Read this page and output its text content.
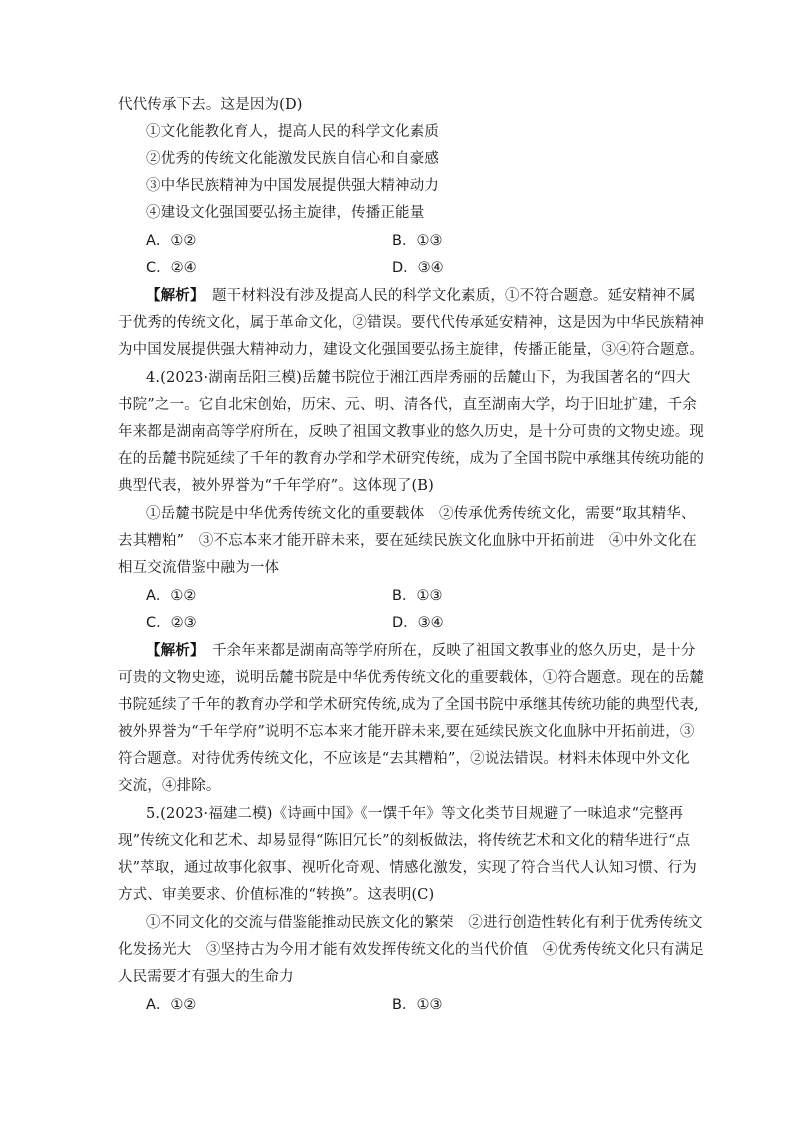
代代传承下去。这是因为(D)
①文化能教化育人，提高人民的科学文化素质
②优秀的传统文化能激发民族自信心和自豪感
③中华民族精神为中国发展提供强大精神动力
④建设文化强国要弘扬主旋律，传播正能量
A．①②	B．①③
C．②④	D．③④
【解析】　 题干材料没有涉及提高人民的科学文化素质，①不符合题意。延安精神不属
于优秀的传统文化，属于革命文化，②错误。要代代传承延安精神，这是因为中华民族精神
为中国发展提供强大精神动力，建设文化强国要弘扬主旋律，传播正能量，③④符合题意。
4.(2023·湖南岳阳三模)岳麓书院位于湘江西岸秀丽的岳麓山下，为我国著名的“四大
书院”之一。它自北宋创始，历宋、元、明、清各代，直至湖南大学，均于旧址扩建，千余
年来都是湖南高等学府所在，反映了祖国文教事业的悠久历史，是十分可贵的文物史迹。现
在的岳麓书院延续了千年的教育办学和学术研究传统，成为了全国书院中承继其传统功能的
典型代表，被外界誉为“千年学府”。这体现了(B)
①岳麓书院是中华优秀传统文化的重要载体　②传承优秀传统文化，需要“取其精华、
去其糟粕”　③不忘本来才能开辟未来，要在延续民族文化血脉中开拓前进　④中外文化在
相互交流借鉴中融为一体
A．①②	B．①③
C．②③	D．③④
【解析】　 千余年来都是湖南高等学府所在，反映了祖国文教事业的悠久历史，是十分
可贵的文物史迹，说明岳麓书院是中华优秀传统文化的重要载体，①符合题意。现在的岳麓
书院延续了千年的教育办学和学术研究传统,成为了全国书院中承继其传统功能的典型代表,
被外界誉为“千年学府”说明不忘本来才能开辟未来,要在延续民族文化血脉中开拓前进，③
符合题意。对待优秀传统文化，不应该是“去其糟粕”，②说法错误。材料未体现中外文化
交流，④排除。
5.(2023·福建二模)《诗画中国》《一馔千年》等文化类节目规避了一味追求“完整再
现”传统文化和艺术、却易显得“陈旧冗长”的刻板做法，将传统艺术和文化的精华进行“点
状”萃取，通过故事化叙事、视听化奇观、情感化激发，实现了符合当代人认知习惯、行为
方式、审美要求、价值标准的“转换”。这表明(C)
①不同文化的交流与借鉴能推动民族文化的繁荣　②进行创造性转化有利于优秀传统文
化发扬光大　③坚持古为今用才能有效发挥传统文化的当代价值　④优秀传统文化只有满足
人民需要才有强大的生命力
A．①②	B．①③
